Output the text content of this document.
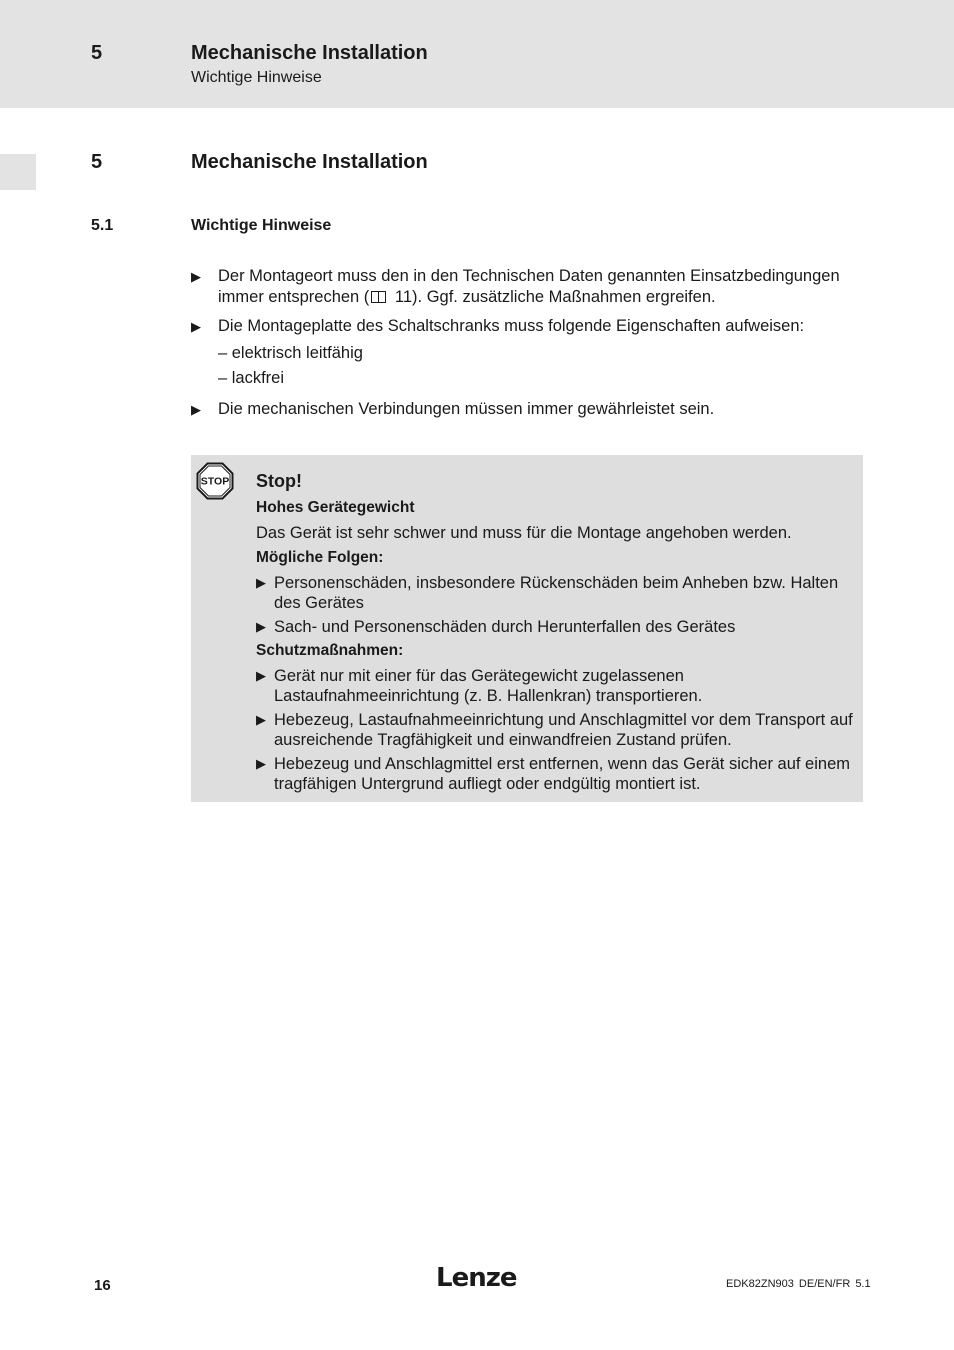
5	Mechanische Installation
Wichtige Hinweise
5	Mechanische Installation
5.1	Wichtige Hinweise
▶
Der Montageort muss den in den Technischen Daten genannten Einsatzbedingungen immer entsprechen ( 11). Ggf. zusätzliche Maßnahmen ergreifen.
▶
Die Montageplatte des Schaltschranks muss folgende Eigenschaften aufweisen:
– elektrisch leitfähig
– lackfrei
▶
Die mechanischen Verbindungen müssen immer gewährleistet sein.
STOP Stop!
Hohes Gerätegewicht
Das Gerät ist sehr schwer und muss für die Montage angehoben werden.
Mögliche Folgen:
▶
Personenschäden, insbesondere Rückenschäden beim Anheben bzw. Halten des Gerätes
▶
Sach- und Personenschäden durch Herunterfallen des Gerätes
Schutzmaßnahmen:
▶
Gerät nur mit einer für das Gerätegewicht zugelassenen Lastaufnahmeeinrichtung (z. B. Hallenkran) transportieren.
▶
Hebezeug, Lastaufnahmeeinrichtung und Anschlagmittel vor dem Transport auf ausreichende Tragfähigkeit und einwandfreien Zustand prüfen.
▶
Hebezeug und Anschlagmittel erst entfernen, wenn das Gerät sicher auf einem tragfähigen Untergrund aufliegt oder endgültig montiert ist.
16	Lenze	EDK82ZN903 DE/EN/FR 5.1
